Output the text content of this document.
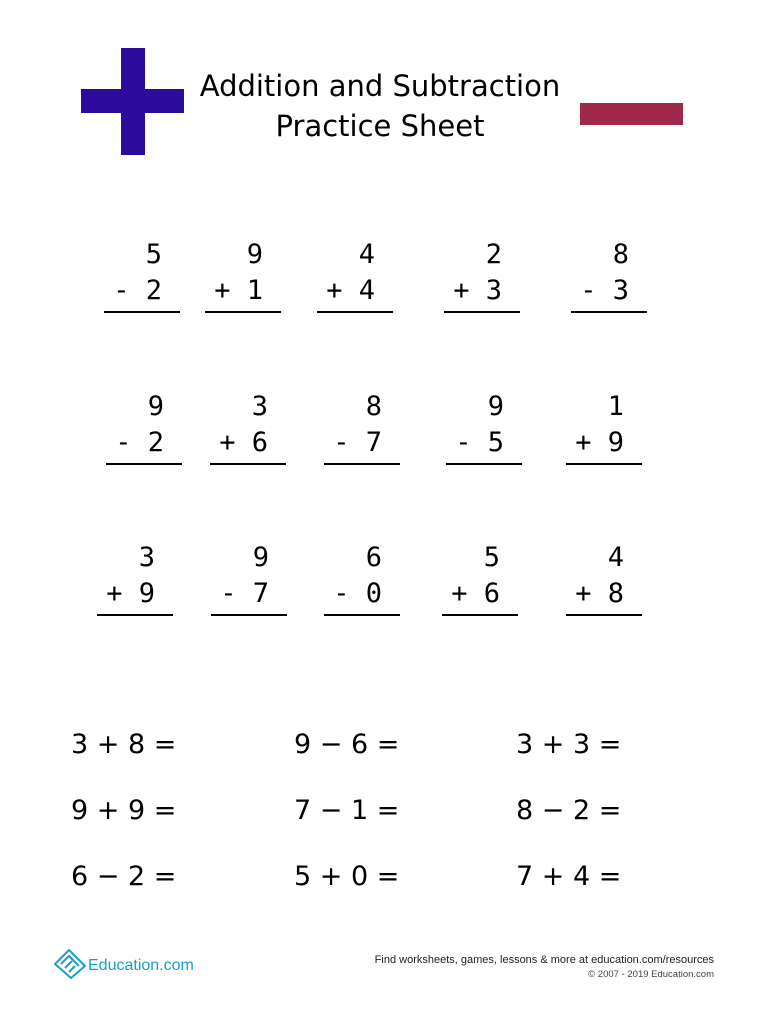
Addition and Subtraction
Practice Sheet
5
- 2
9
+ 1
4
+ 4
2
+ 3
8
- 3
9
- 2
3
+ 6
8
- 7
9
- 5
1
+ 9
3
+ 9
9
- 7
6
- 0
5
+ 6
4
+ 8
3 + 8 =	9 − 6 =	3 + 3 =
9 + 9 =	7 − 1 =	8 − 2 =
6 − 2 =	5 + 0 =	7 + 4 =
Education.com	Find worksheets, games, lessons & more at education.com/resources
© 2007 - 2019 Education.com
